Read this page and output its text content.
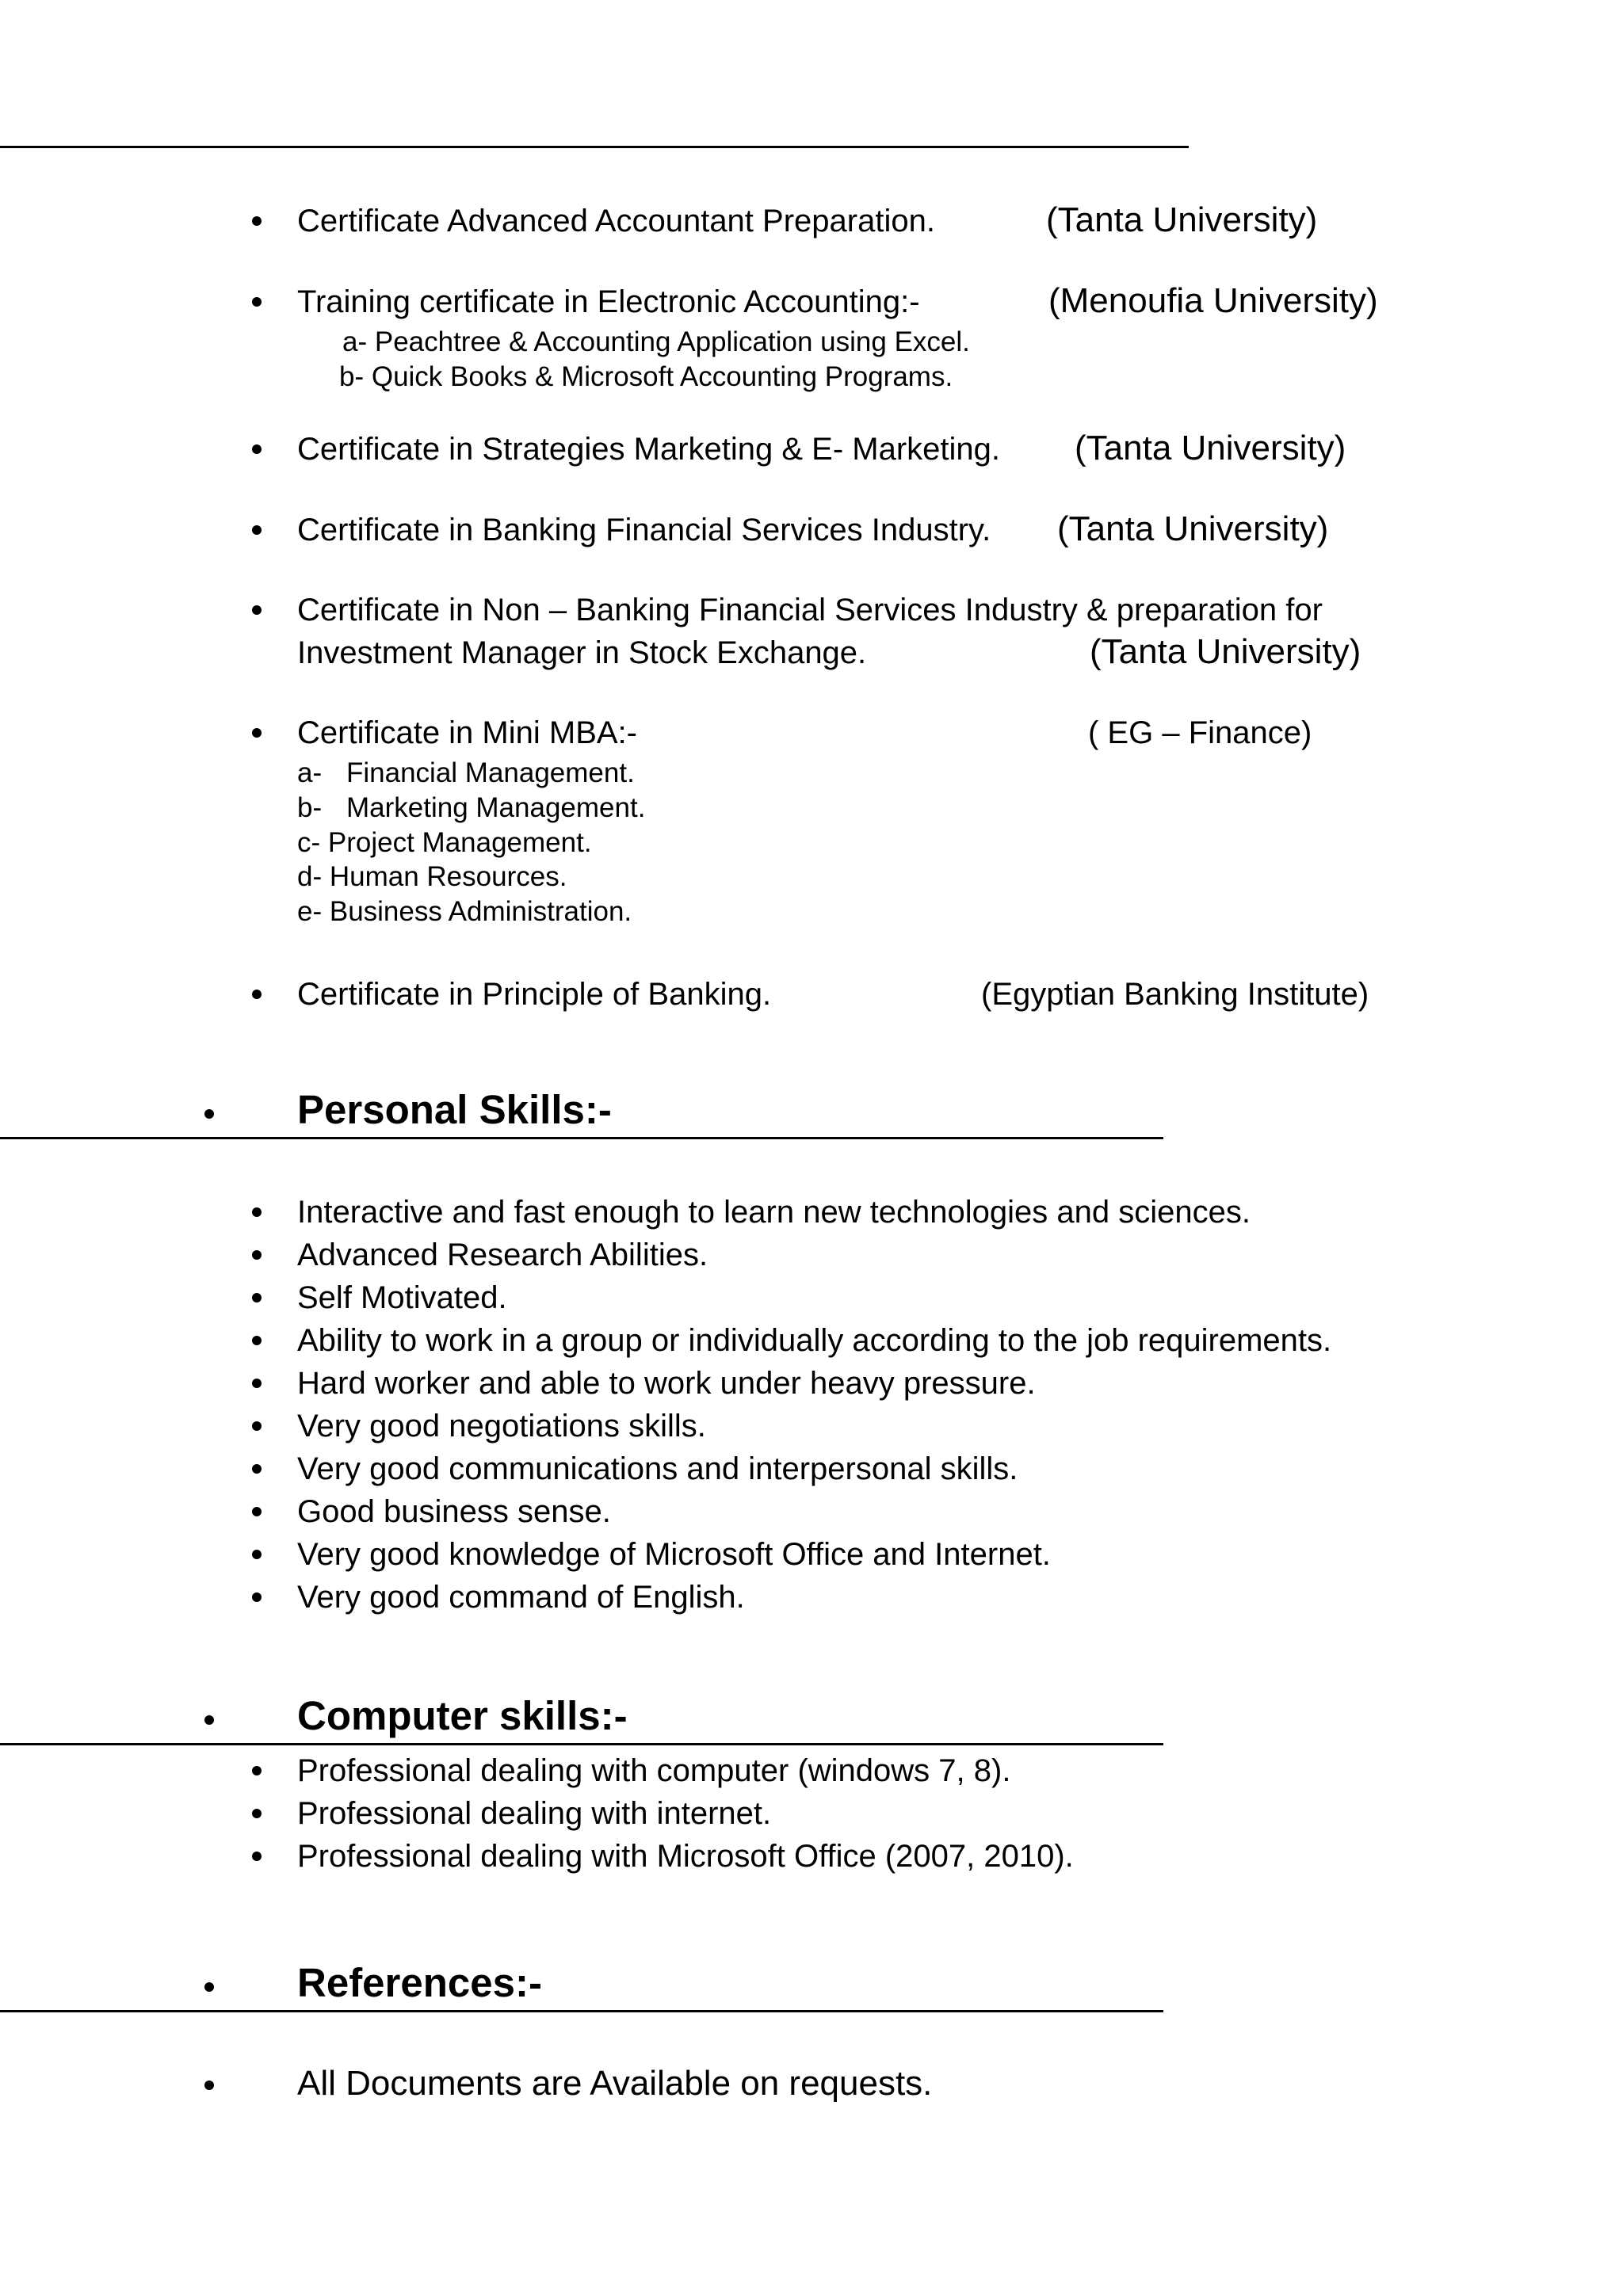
Certificate Advanced Accountant Preparation.	(Tanta University)
Training certificate in Electronic Accounting:-	(Menoufia University)
a- Peachtree & Accounting Application using Excel.
b- Quick Books & Microsoft Accounting Programs.
Certificate in Strategies Marketing & E- Marketing. (Tanta University)
Certificate in Banking Financial Services Industry. (Tanta University)
Certificate in Non – Banking Financial Services Industry & preparation for
Investment Manager in Stock Exchange.	(Tanta University)
Certificate in Mini MBA:-	( EG – Finance)
a- Financial Management.
b- Marketing Management.
c- Project Management.
d- Human Resources.
e- Business Administration.
Certificate in Principle of Banking.	(Egyptian Banking Institute)
Personal Skills:-
Interactive and fast enough to learn new technologies and sciences.
Advanced Research Abilities.
Self Motivated.
Ability to work in a group or individually according to the job requirements.
Hard worker and able to work under heavy pressure.
Very good negotiations skills.
Very good communications and interpersonal skills.
Good business sense.
Very good knowledge of Microsoft Office and Internet.
Very good command of English.
Computer skills:-
Professional dealing with computer (windows 7, 8).
Professional dealing with internet.
Professional dealing with Microsoft Office (2007, 2010).
References:-
All Documents are Available on requests.
